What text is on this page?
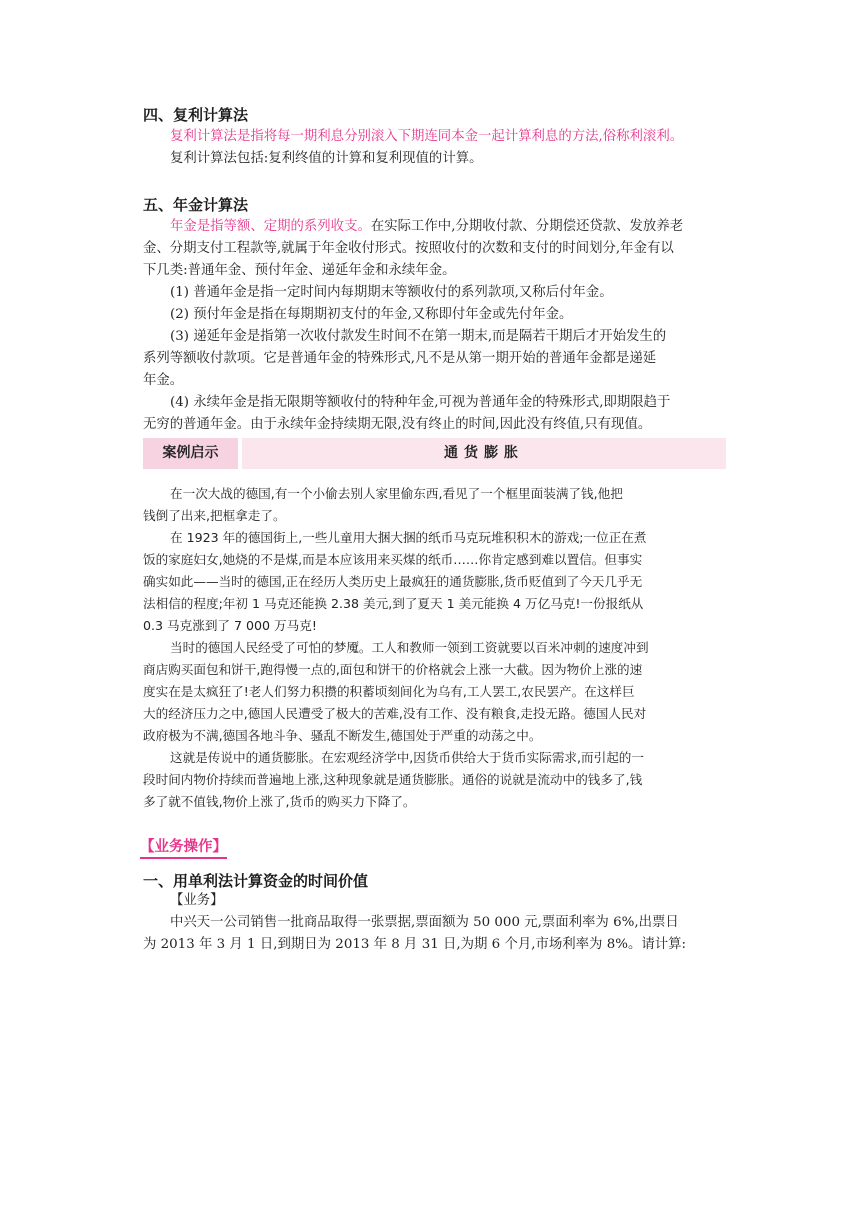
四、复利计算法
复利计算法是指将每一期利息分别滚入下期连同本金一起计算利息的方法,俗称利滚利。
复利计算法包括:复利终值的计算和复利现值的计算。
五、年金计算法
年金是指等额、定期的系列收支。在实际工作中,分期收付款、分期偿还贷款、发放养老
金、分期支付工程款等,就属于年金收付形式。按照收付的次数和支付的时间划分,年金有以
下几类:普通年金、预付年金、递延年金和永续年金。
(1) 普通年金是指一定时间内每期期末等额收付的系列款项,又称后付年金。
(2) 预付年金是指在每期期初支付的年金,又称即付年金或先付年金。
(3) 递延年金是指第一次收付款发生时间不在第一期末,而是隔若干期后才开始发生的
系列等额收付款项。它是普通年金的特殊形式,凡不是从第一期开始的普通年金都是递延
年金。
(4) 永续年金是指无限期等额收付的特种年金,可视为普通年金的特殊形式,即期限趋于
无穷的普通年金。由于永续年金持续期无限,没有终止的时间,因此没有终值,只有现值。
案例启示	通货膨胀
在一次大战的德国,有一个小偷去别人家里偷东西,看见了一个框里面装满了钱,他把
钱倒了出来,把框拿走了。
在 1923 年的德国街上,一些儿童用大捆大捆的纸币马克玩堆积积木的游戏;一位正在煮
饭的家庭妇女,她烧的不是煤,而是本应该用来买煤的纸币……你肯定感到难以置信。但事实
确实如此——当时的德国,正在经历人类历史上最疯狂的通货膨胀,货币贬值到了今天几乎无
法相信的程度;年初 1 马克还能换 2.38 美元,到了夏天 1 美元能换 4 万亿马克!一份报纸从
0.3 马克涨到了 7 000 万马克!
当时的德国人民经受了可怕的梦魇。工人和教师一领到工资就要以百米冲刺的速度冲到
商店购买面包和饼干,跑得慢一点的,面包和饼干的价格就会上涨一大截。因为物价上涨的速
度实在是太疯狂了!老人们努力积攒的积蓄顷刻间化为乌有,工人罢工,农民罢产。在这样巨
大的经济压力之中,德国人民遭受了极大的苦难,没有工作、没有粮食,走投无路。德国人民对
政府极为不满,德国各地斗争、骚乱不断发生,德国处于严重的动荡之中。
这就是传说中的通货膨胀。在宏观经济学中,因货币供给大于货币实际需求,而引起的一
段时间内物价持续而普遍地上涨,这种现象就是通货膨胀。通俗的说就是流动中的钱多了,钱
多了就不值钱,物价上涨了,货币的购买力下降了。
【业务操作】
一、用单利法计算资金的时间价值
【业务】
中兴天一公司销售一批商品取得一张票据,票面额为 50 000 元,票面利率为 6%,出票日
为 2013 年 3 月 1 日,到期日为 2013 年 8 月 31 日,为期 6 个月,市场利率为 8%。请计算:
